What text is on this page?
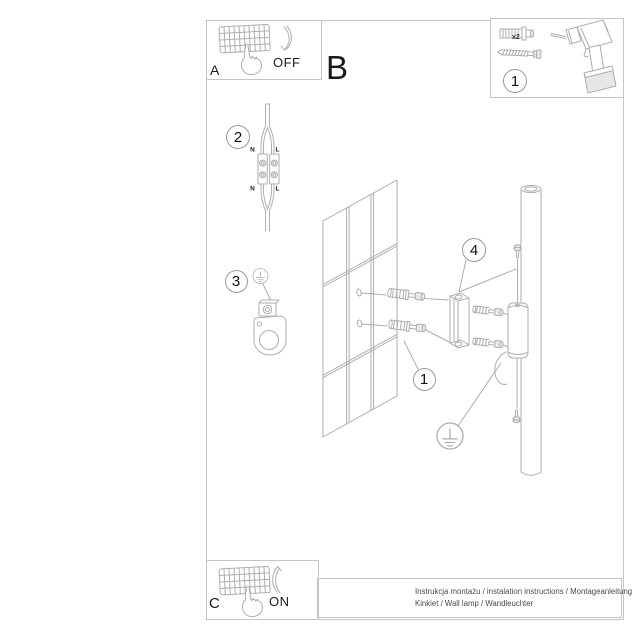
Instrukcja montażu / instalation instructions / Montageanleitung
Kinkiet / Wall lamp / Wandleuchter
A	OFF B
C	ON
x2
1
2
3
4
1
N	L
N	L
